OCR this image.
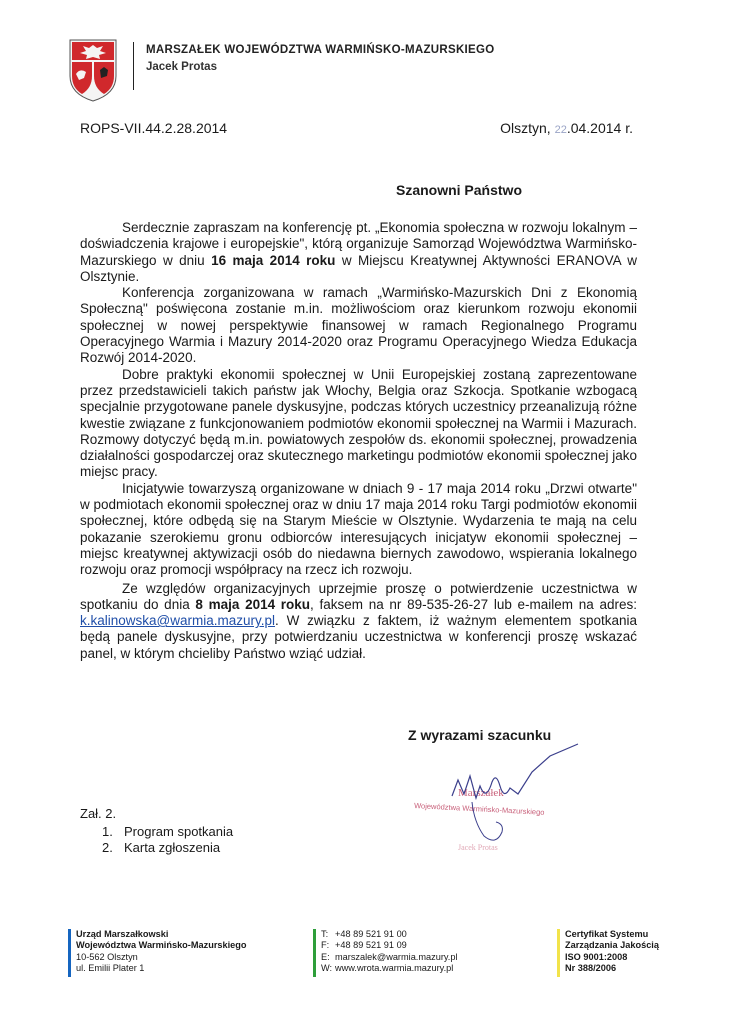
MARSZAŁEK WOJEWÓDZTWA WARMIŃSKO-MAZURSKIEGO
Jacek Protas
ROPS-VII.44.2.28.2014	Olsztyn, 22.04.2014 r.
Szanowni Państwo

Serdecznie zapraszam na konferencję pt. „Ekonomia społeczna w rozwoju lokalnym – doświadczenia krajowe i europejskie", którą organizuje Samorząd Województwa Warmińsko-Mazurskiego w dniu 16 maja 2014 roku w Miejscu Kreatywnej Aktywności ERANOVA w Olsztynie.

Konferencja zorganizowana w ramach „Warmińsko-Mazurskich Dni z Ekonomią Społeczną" poświęcona zostanie m.in. możliwościom oraz kierunkom rozwoju ekonomii społecznej w nowej perspektywie finansowej w ramach Regionalnego Programu Operacyjnego Warmia i Mazury 2014-2020 oraz Programu Operacyjnego Wiedza Edukacja Rozwój 2014-2020.

Dobre praktyki ekonomii społecznej w Unii Europejskiej zostaną zaprezentowane przez przedstawicieli takich państw jak Włochy, Belgia oraz Szkocja. Spotkanie wzbogacą specjalnie przygotowane panele dyskusyjne, podczas których uczestnicy przeanalizują różne kwestie związane z funkcjonowaniem podmiotów ekonomii społecznej na Warmii i Mazurach. Rozmowy dotyczyć będą m.in. powiatowych zespołów ds. ekonomii społecznej, prowadzenia działalności gospodarczej oraz skutecznego marketingu podmiotów ekonomii społecznej jako miejsc pracy.

Inicjatywie towarzyszą organizowane w dniach 9 - 17 maja 2014 roku „Drzwi otwarte" w podmiotach ekonomii społecznej oraz w dniu 17 maja 2014 roku Targi podmiotów ekonomii społecznej, które odbędą się na Starym Mieście w Olsztynie. Wydarzenia te mają na celu pokazanie szerokiemu gronu odbiorców interesujących inicjatyw ekonomii społecznej – miejsc kreatywnej aktywizacji osób do niedawna biernych zawodowo, wspierania lokalnego rozwoju oraz promocji współpracy na rzecz ich rozwoju.

Ze względów organizacyjnych uprzejmie proszę o potwierdzenie uczestnictwa w spotkaniu do dnia 8 maja 2014 roku, faksem na nr 89-535-26-27 lub e-mailem na adres: k.kalinowska@warmia.mazury.pl. W związku z faktem, iż ważnym elementem spotkania będą panele dyskusyjne, przy potwierdzaniu uczestnictwa w konferencji proszę wskazać panel, w którym chcieliby Państwo wziąć udział.

Z wyrazami szacunku
Marszałek
Województwa Warmińsko-Mazurskiego
Jacek Protas
Zał. 2.
1. Program spotkania
2. Karta zgłoszenia
Urząd Marszałkowski
Województwa Warmińsko-Mazurskiego
10-562 Olsztyn
ul. Emilii Plater 1
T: +48 89 521 91 00
F: +48 89 521 91 09
E: marszalek@warmia.mazury.pl
W: www.wrota.warmia.mazury.pl
Certyfikat Systemu
Zarządzania Jakością
ISO 9001:2008
Nr 388/2006
